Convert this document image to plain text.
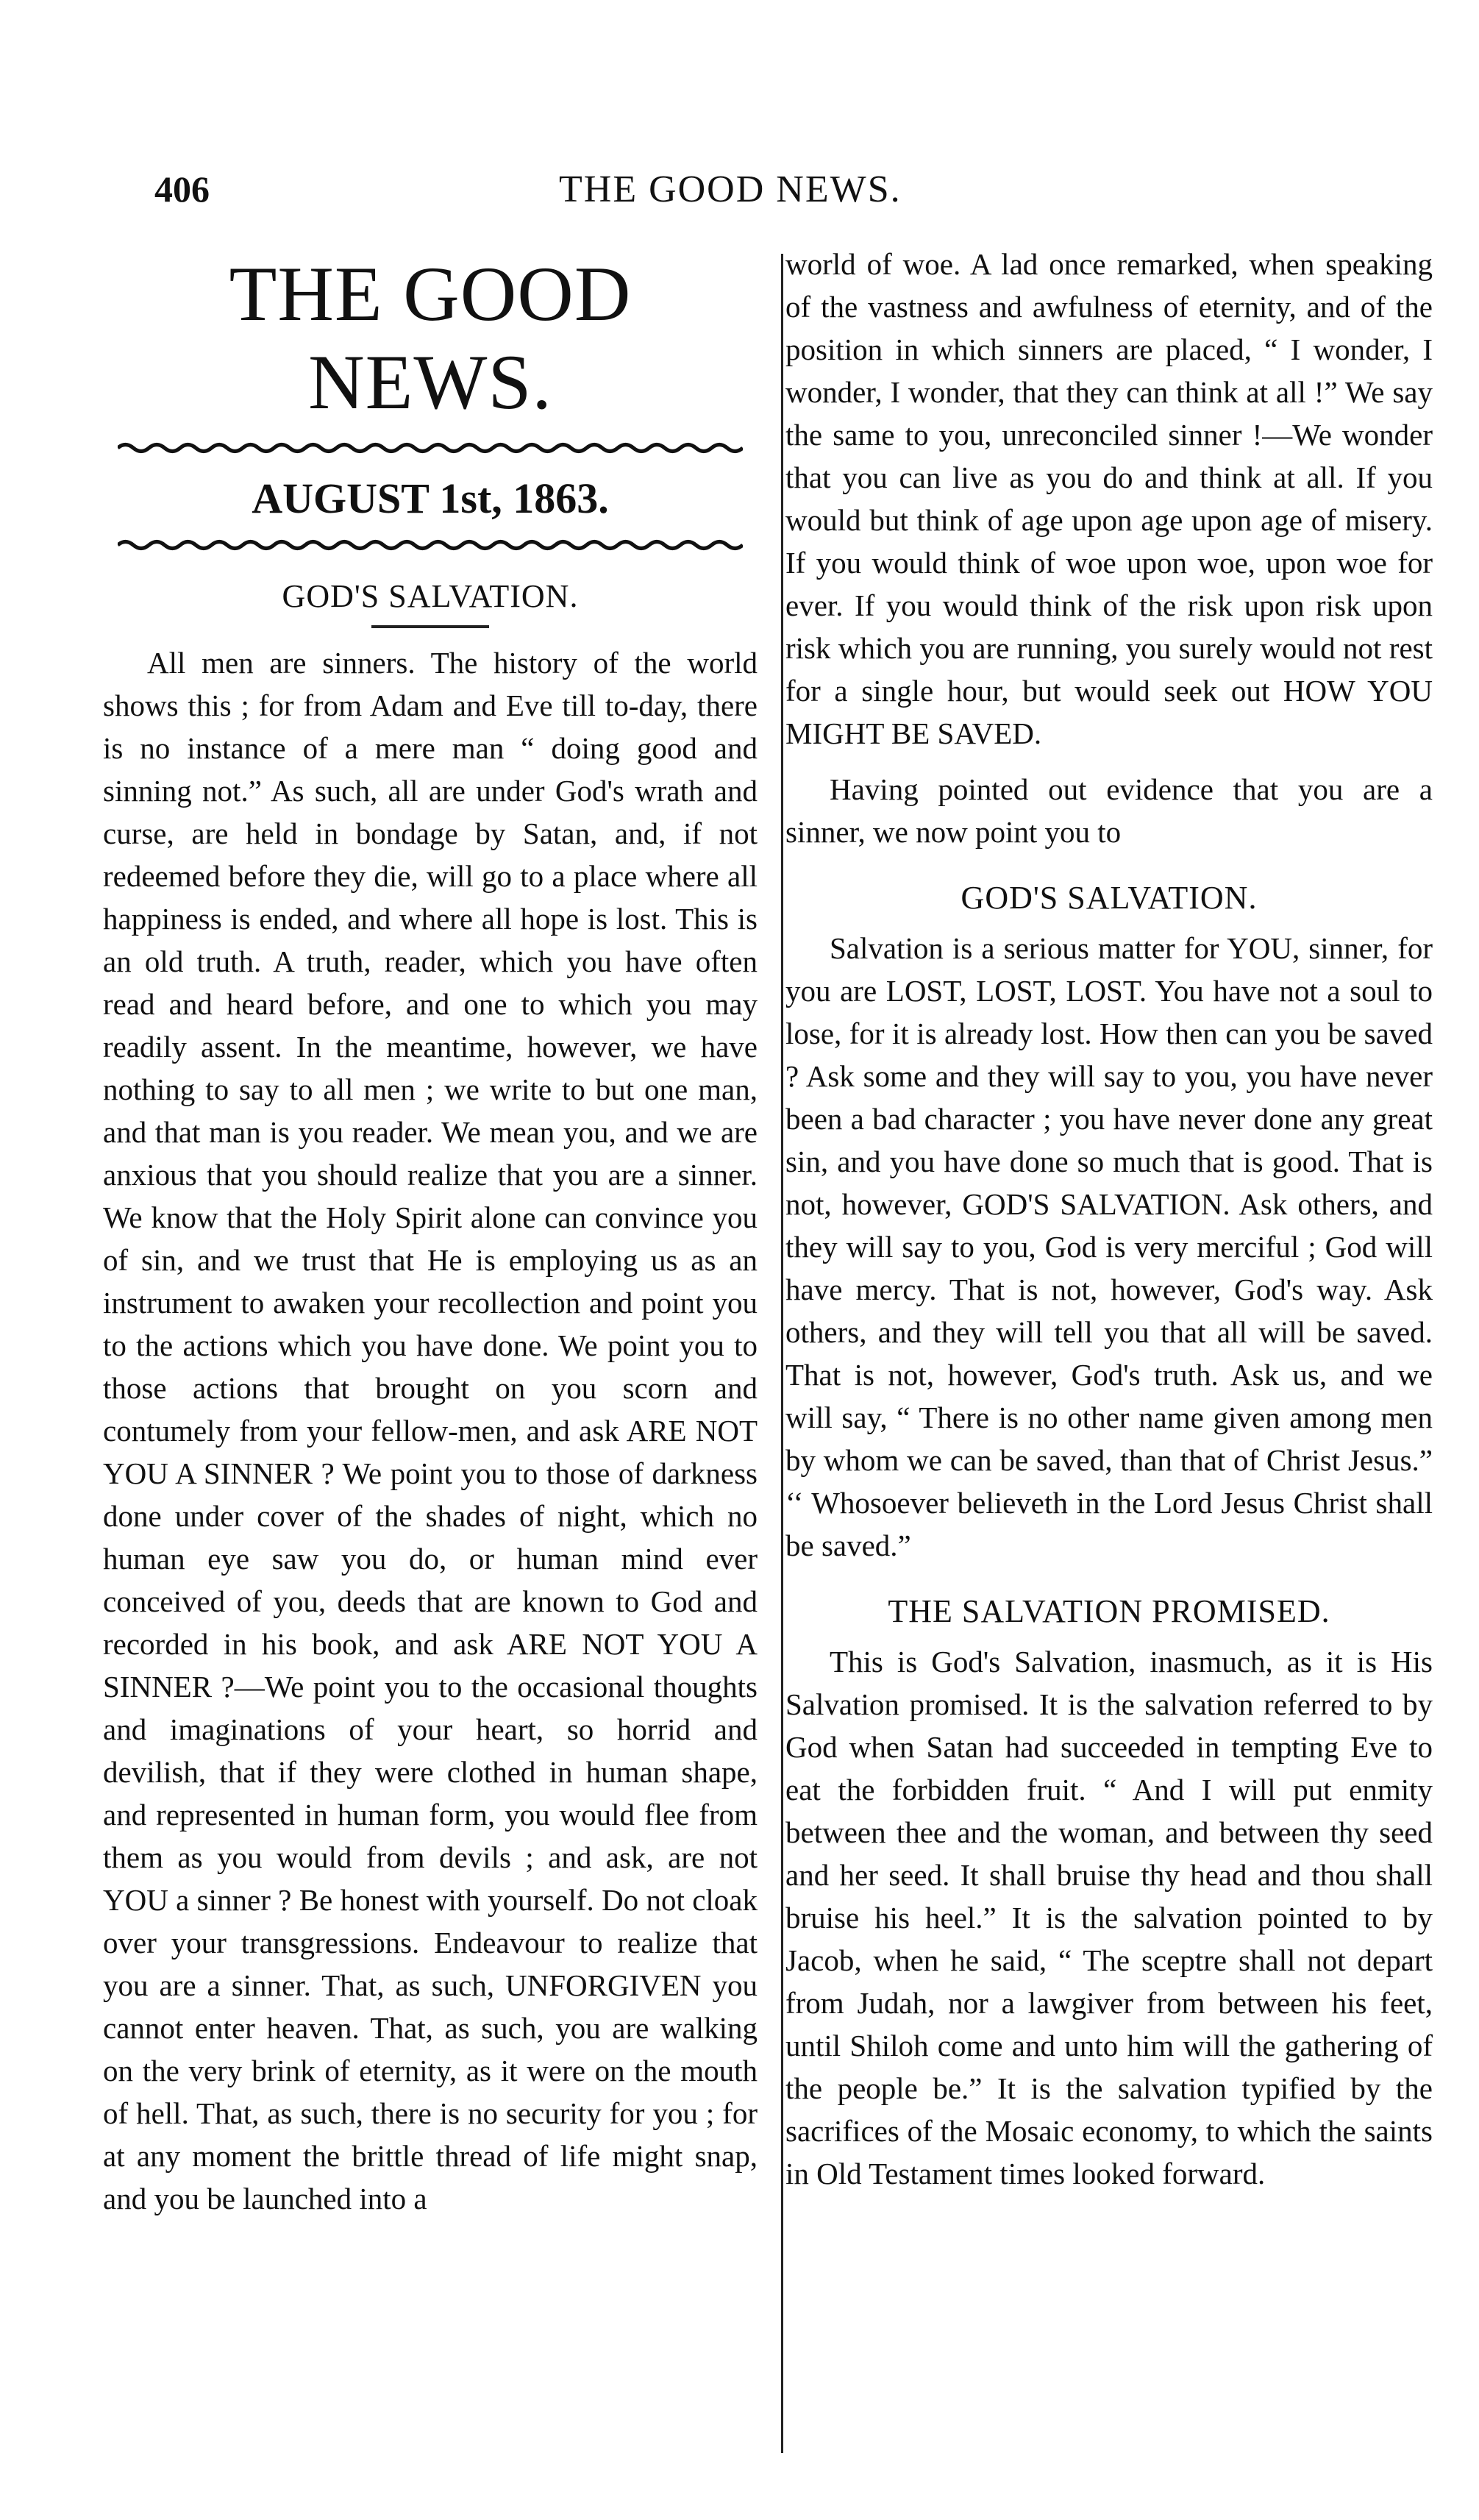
406	THE GOOD NEWS.
THE GOOD NEWS.
AUGUST 1st, 1863.
GOD'S SALVATION.

All men are sinners. The history of the world shows this ; for from Adam and Eve till to-day, there is no instance of a mere man “ doing good and sinning not.” As such, all are under God's wrath and curse, are held in bondage by Satan, and, if not redeemed before they die, will go to a place where all happiness is ended, and where all hope is lost. This is an old truth. A truth, reader, which you have often read and heard before, and one to which you may readily assent. In the meantime, however, we have nothing to say to all men ; we write to but one man, and that man is you reader. We mean you, and we are anxious that you should realize that you are a sinner. We know that the Holy Spirit alone can convince you of sin, and we trust that He is employing us as an instrument to awaken your recollection and point you to the actions which you have done. We point you to those actions that brought on you scorn and contumely from your fellow-men, and ask ARE NOT YOU A SINNER ? We point you to those of darkness done under cover of the shades of night, which no human eye saw you do, or human mind ever conceived of you, deeds that are known to God and recorded in his book, and ask ARE NOT YOU A SINNER ?—We point you to the occasional thoughts and imaginations of your heart, so horrid and devilish, that if they were clothed in human shape, and represented in human form, you would flee from them as you would from devils ; and ask, are not YOU a sinner ? Be honest with yourself. Do not cloak over your transgressions. Endeavour to realize that you are a sinner. That, as such, UNFORGIVEN you cannot enter heaven. That, as such, you are walking on the very brink of eternity, as it were on the mouth of hell. That, as such, there is no security for you ; for at any moment the brittle thread of life might snap, and you be launched into a

world of woe. A lad once remarked, when speaking of the vastness and awfulness of eternity, and of the position in which sinners are placed, “ I wonder, I wonder, I wonder, that they can think at all !” We say the same to you, unreconciled sinner !—We wonder that you can live as you do and think at all. If you would but think of age upon age upon age of misery. If you would think of woe upon woe, upon woe for ever. If you would think of the risk upon risk upon risk which you are running, you surely would not rest for a single hour, but would seek out HOW YOU MIGHT BE SAVED.

Having pointed out evidence that you are a sinner, we now point you to

GOD'S SALVATION.

Salvation is a serious matter for YOU, sinner, for you are LOST, LOST, LOST. You have not a soul to lose, for it is already lost. How then can you be saved ? Ask some and they will say to you, you have never been a bad character ; you have never done any great sin, and you have done so much that is good. That is not, however, GOD'S SALVATION. Ask others, and they will say to you, God is very merciful ; God will have mercy. That is not, however, God's way. Ask others, and they will tell you that all will be saved. That is not, however, God's truth. Ask us, and we will say, “ There is no other name given among men by whom we can be saved, than that of Christ Jesus.” ‘‘ Whosoever believeth in the Lord Jesus Christ shall be saved.”

THE SALVATION PROMISED.

This is God's Salvation, inasmuch, as it is His Salvation promised. It is the salvation referred to by God when Satan had succeeded in tempting Eve to eat the forbidden fruit. “ And I will put enmity between thee and the woman, and between thy seed and her seed. It shall bruise thy head and thou shall bruise his heel.” It is the salvation pointed to by Jacob, when he said, “ The sceptre shall not depart from Judah, nor a lawgiver from between his feet, until Shiloh come and unto him will the gathering of the people be.” It is the salvation typified by the sacrifices of the Mosaic economy, to which the saints in Old Testament times looked forward.
